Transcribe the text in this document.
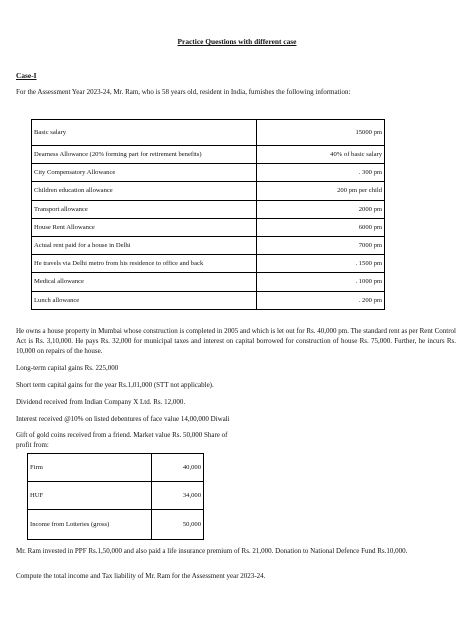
Practice Questions with different case
Case-I
For the Assessment Year 2023-24, Mr. Ram, who is 58 years old, resident in India, furnishes the following information:
Basic salary	15000 pm
Dearness Allowance (20% forming part for retirement benefits)	40% of basic salary
City Compensatory Allowance	. 300 pm
Children education allowance	200 pm per child
Transport allowance	2000 pm
House Rent Allowance	6000 pm
Actual rent paid for a house in Delhi	7000 pm
He travels via Delhi metro from his residence to office and back	. 1500 pm
Medical allowance	. 1000 pm
Lunch allowance	. 200 pm
He owns a house property in Mumbai whose construction is completed in 2005 and which is let out for Rs. 40,000 pm. The standard rent as per Rent Control Act is Rs. 3,10,000. He pays Rs. 32,000 for municipal taxes and interest on capital borrowed for construction of house Rs. 75,000. Further, he incurs Rs. 10,000 on repairs of the house.
Long-term capital gains Rs. 225,000
Short term capital gains for the year Rs.1,01,000 (STT not applicable).
Dividend received from Indian Company X Ltd. Rs. 12,000.
Interest received @10% on listed debentures of face value 14,00,000 Diwali
Gift of gold coins received from a friend. Market value Rs. 50,000 Share of
profit from:
Firm	40,000
HUF	34,000
Income from Lotteries (gross)	50,000
Mr. Ram invested in PPF Rs.1,50,000 and also paid a life insurance premium of Rs. 21,000. Donation to National Defence Fund Rs.10,000.
Compute the total income and Tax liability of Mr. Ram for the Assessment year 2023-24.
